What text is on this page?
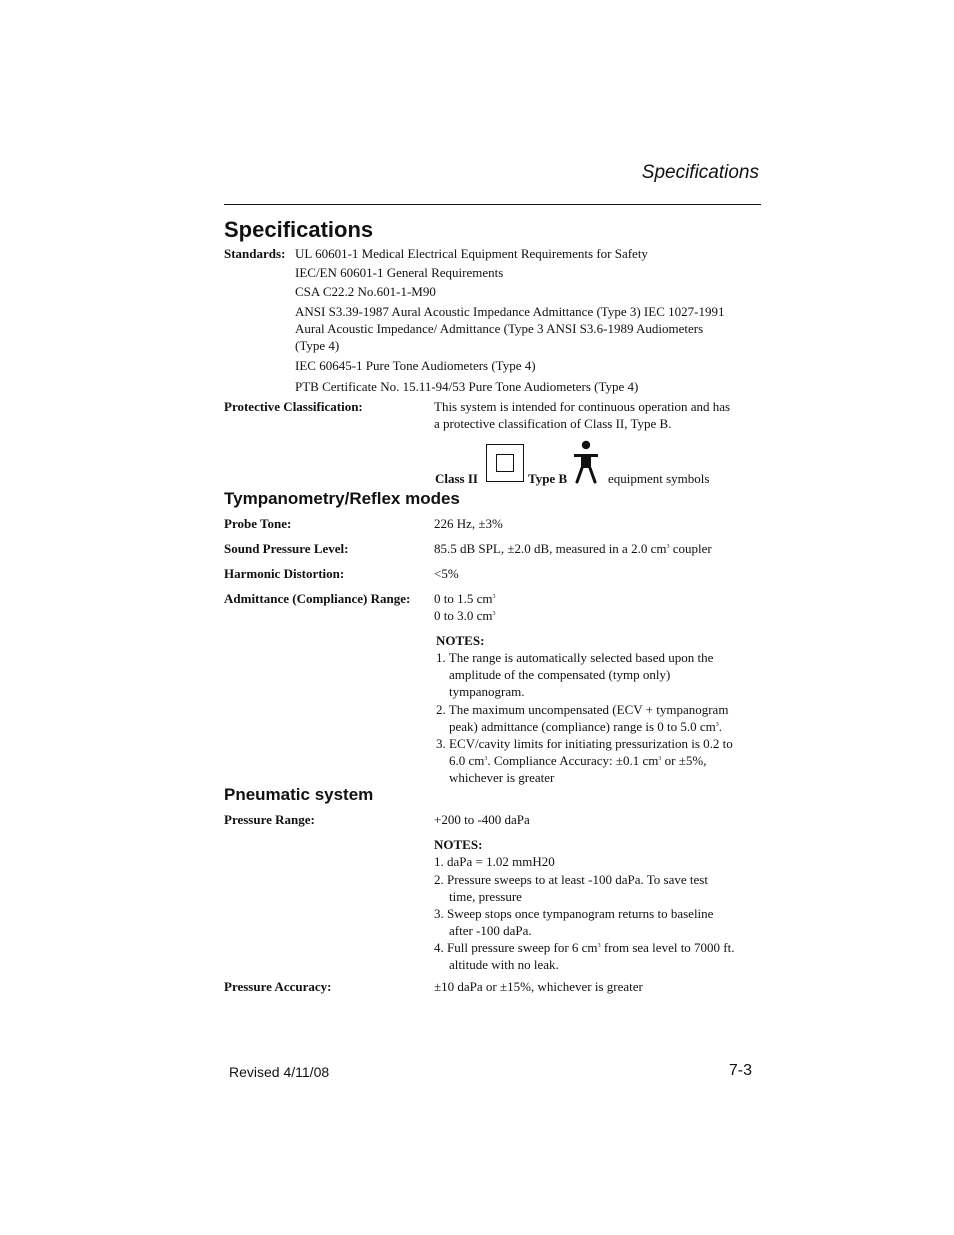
Specifications
Specifications
Standards: UL 60601-1 Medical Electrical Equipment Requirements for Safety
IEC/EN 60601-1 General Requirements
CSA C22.2 No.601-1-M90
ANSI S3.39-1987 Aural Acoustic Impedance Admittance (Type 3) IEC 1027-1991
Aural Acoustic Impedance/ Admittance (Type 3 ANSI S3.6-1989 Audiometers
(Type 4)
IEC 60645-1 Pure Tone Audiometers (Type 4)
PTB Certificate No. 15.11-94/53 Pure Tone Audiometers (Type 4)
Protective Classification:	This system is intended for continuous operation and has
a protective classification of Class II, Type B.
Class II	Type B	equipment symbols
Tympanometry/Reflex modes
Probe Tone:	226 Hz, ±3%
Sound Pressure Level:	85.5 dB SPL, ±2.0 dB, measured in a 2.0 $cm^3$ coupler
Harmonic Distortion:	<5%
Admittance (Compliance) Range: 0 to 1.5 $cm^3$
0 to 3.0 $cm^3$
NOTES:
1. The range is automatically selected based upon the
amplitude of the compensated (tymp only)
tympanogram.
2. The maximum uncompensated (ECV + tympanogram
peak) admittance (compliance) range is 0 to 5.0 $cm^3$.
3. ECV/cavity limits for initiating pressurization is 0.2 to
6.0 $cm^3$. Compliance Accuracy: ±0.1 $cm^3$ or ±5%,
whichever is greater
Pneumatic system
Pressure Range:	+200 to -400 daPa
NOTES:
1. daPa = 1.02 mmH20
2. Pressure sweeps to at least -100 daPa. To save test
time, pressure
3. Sweep stops once tympanogram returns to baseline
after -100 daPa.
4. Full pressure sweep for 6 $cm^3$ from sea level to 7000 ft.
altitude with no leak.
Pressure Accuracy:	±10 daPa or ±15%, whichever is greater
Revised 4/11/08	7-3
